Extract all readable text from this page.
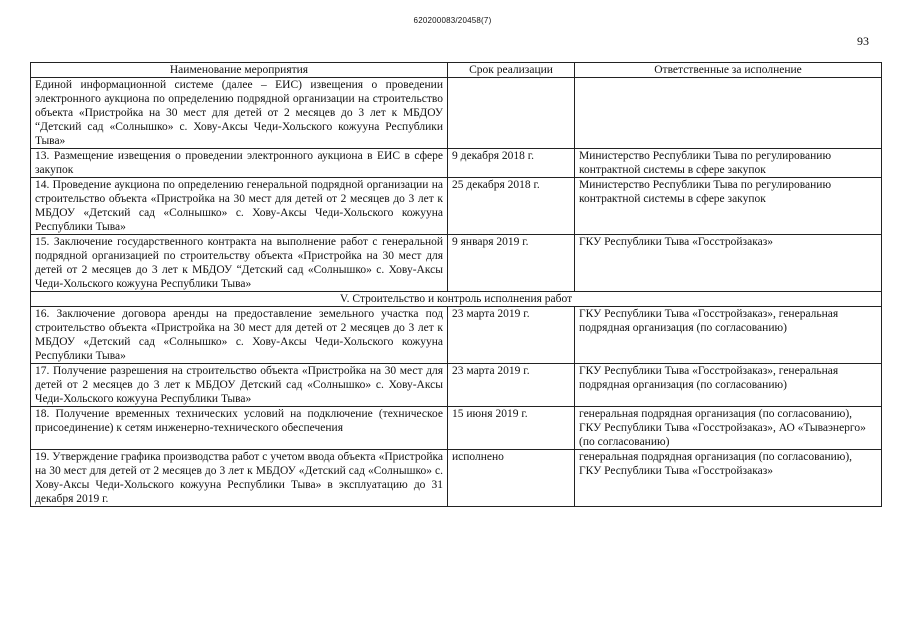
620200083/20458(7)
93
Наименование мероприятия	Срок реализации	Ответственные за исполнение
Единой информационной системе (далее – ЕИС) извещения о проведении электронного аукциона по определению подрядной организации на строительство объекта «Пристройка на 30 мест для детей от 2 месяцев до 3 лет к МБДОУ “Детский сад «Солнышко» с. Хову-Аксы Чеди-Хольского кожууна Республики Тыва»		
13. Размещение извещения о проведении электронного аукциона в ЕИС в сфере закупок	9 декабря 2018 г.	Министерство Республики Тыва по регулированию контрактной системы в сфере закупок
14. Проведение аукциона по определению генеральной подрядной организации на строительство объекта «Пристройка на 30 мест для детей от 2 месяцев до 3 лет к МБДОУ «Детский сад «Солнышко» с. Хову-Аксы Чеди-Хольского кожууна Республики Тыва»	25 декабря 2018 г.	Министерство Республики Тыва по регулированию контрактной системы в сфере закупок
15. Заключение государственного контракта на выполнение работ с генеральной подрядной организацией по строительству объекта «Пристройка на 30 мест для детей от 2 месяцев до 3 лет к МБДОУ “Детский сад «Солнышко» с. Хову-Аксы Чеди-Хольского кожууна Республики Тыва»	9 января 2019 г.	ГКУ Республики Тыва «Госстройзаказ»
V. Строительство и контроль исполнения работ		
16. Заключение договора аренды на предоставление земельного участка под строительство объекта «Пристройка на 30 мест для детей от 2 месяцев до 3 лет к МБДОУ «Детский сад «Солнышко» с. Хову-Аксы Чеди-Хольского кожууна Республики Тыва»	23 марта 2019 г.	ГКУ Республики Тыва «Госстройзаказ», генеральная подрядная организация (по согласованию)
17. Получение разрешения на строительство объекта «Пристройка на 30 мест для детей от 2 месяцев до 3 лет к МБДОУ Детский сад «Солнышко» с. Хову-Аксы Чеди-Хольского кожууна Республики Тыва»	23 марта 2019 г.	ГКУ Республики Тыва «Госстройзаказ», генеральная подрядная организация (по согласованию)
18. Получение временных технических условий на подключение (техническое присоединение) к сетям инженерно-технического обеспечения	15 июня 2019 г.	генеральная подрядная организация (по согласованию), ГКУ Республики Тыва «Госстройзаказ», АО «Тываэнерго» (по согласованию)
19. Утверждение графика производства работ с учетом ввода объекта «Пристройка на 30 мест для детей от 2 месяцев до 3 лет к МБДОУ «Детский сад «Солнышко» с. Хову-Аксы Чеди-Хольского кожууна Республики Тыва» в эксплуатацию до 31 декабря 2019 г.	исполнено	генеральная подрядная организация (по согласованию), ГКУ Республики Тыва «Госстройзаказ»
